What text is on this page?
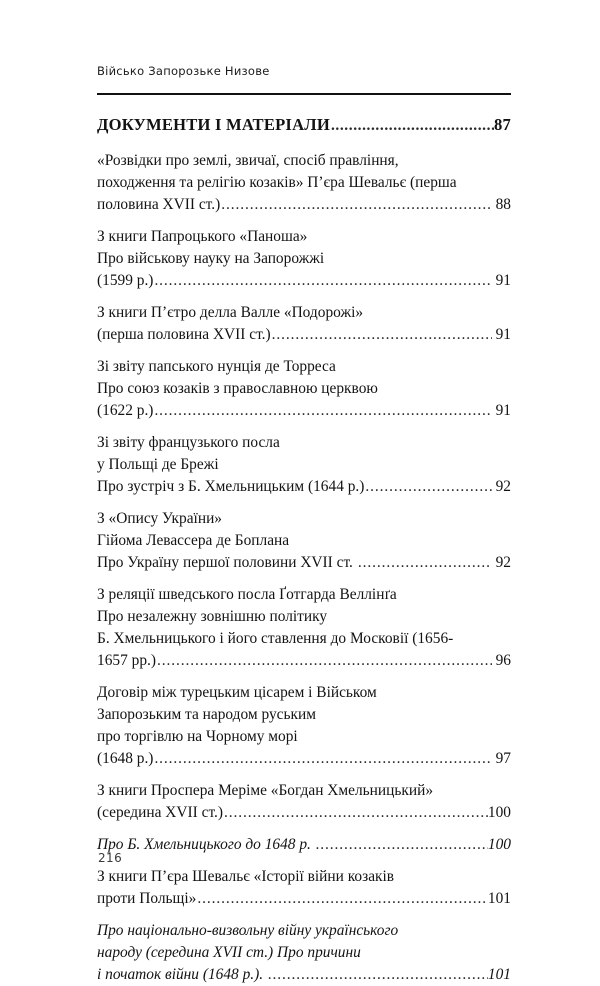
Військо Запорозьке Низове
ДОКУМЕНТИ І МАТЕРІАЛИ .....	87
«Розвідки про землі, звичаї, спосіб правління,
походження та релігію козаків» П’єра Шевальє (перша
половина XVII ст.) .....	88
З книги Папроцького «Паноша»
Про військову науку на Запорожжі
(1599 р.) .....	91
З книги П’єтро делла Валле «Подорожі»
(перша половина XVII ст.) .....	91
Зі звіту папського нунція де Торреса
Про союз козаків з православною церквою
(1622 р.) .....	91
Зі звіту французького посла
у Польщі де Брежі
Про зустріч з Б. Хмельницьким (1644 р.) .....	92
З «Опису України»
Гійома Левассера де Боплана
Про Україну першої половини XVII ст. .....	92
З реляції шведського посла Ґотгарда Веллінґа
Про незалежну зовнішню політику
Б. Хмельницького і його ставлення до Московії (1656-
1657 рр.) .....	96
Договір між турецьким цісарем і Військом
Запорозьким та народом руським
про торгівлю на Чорному морі
(1648 р.) .....	97
З книги Проспера Меріме «Богдан Хмельницький»
(середина XVII ст.) .....	100
Про Б. Хмельницького до 1648 р. .....	100
З книги П’єра Шевальє «Історії війни козаків
проти Польщі» .....	101
Про національно-визвольну війну українського
народу (середина XVII ст.) Про причини
і початок війни (1648 р.). .....	101
216
